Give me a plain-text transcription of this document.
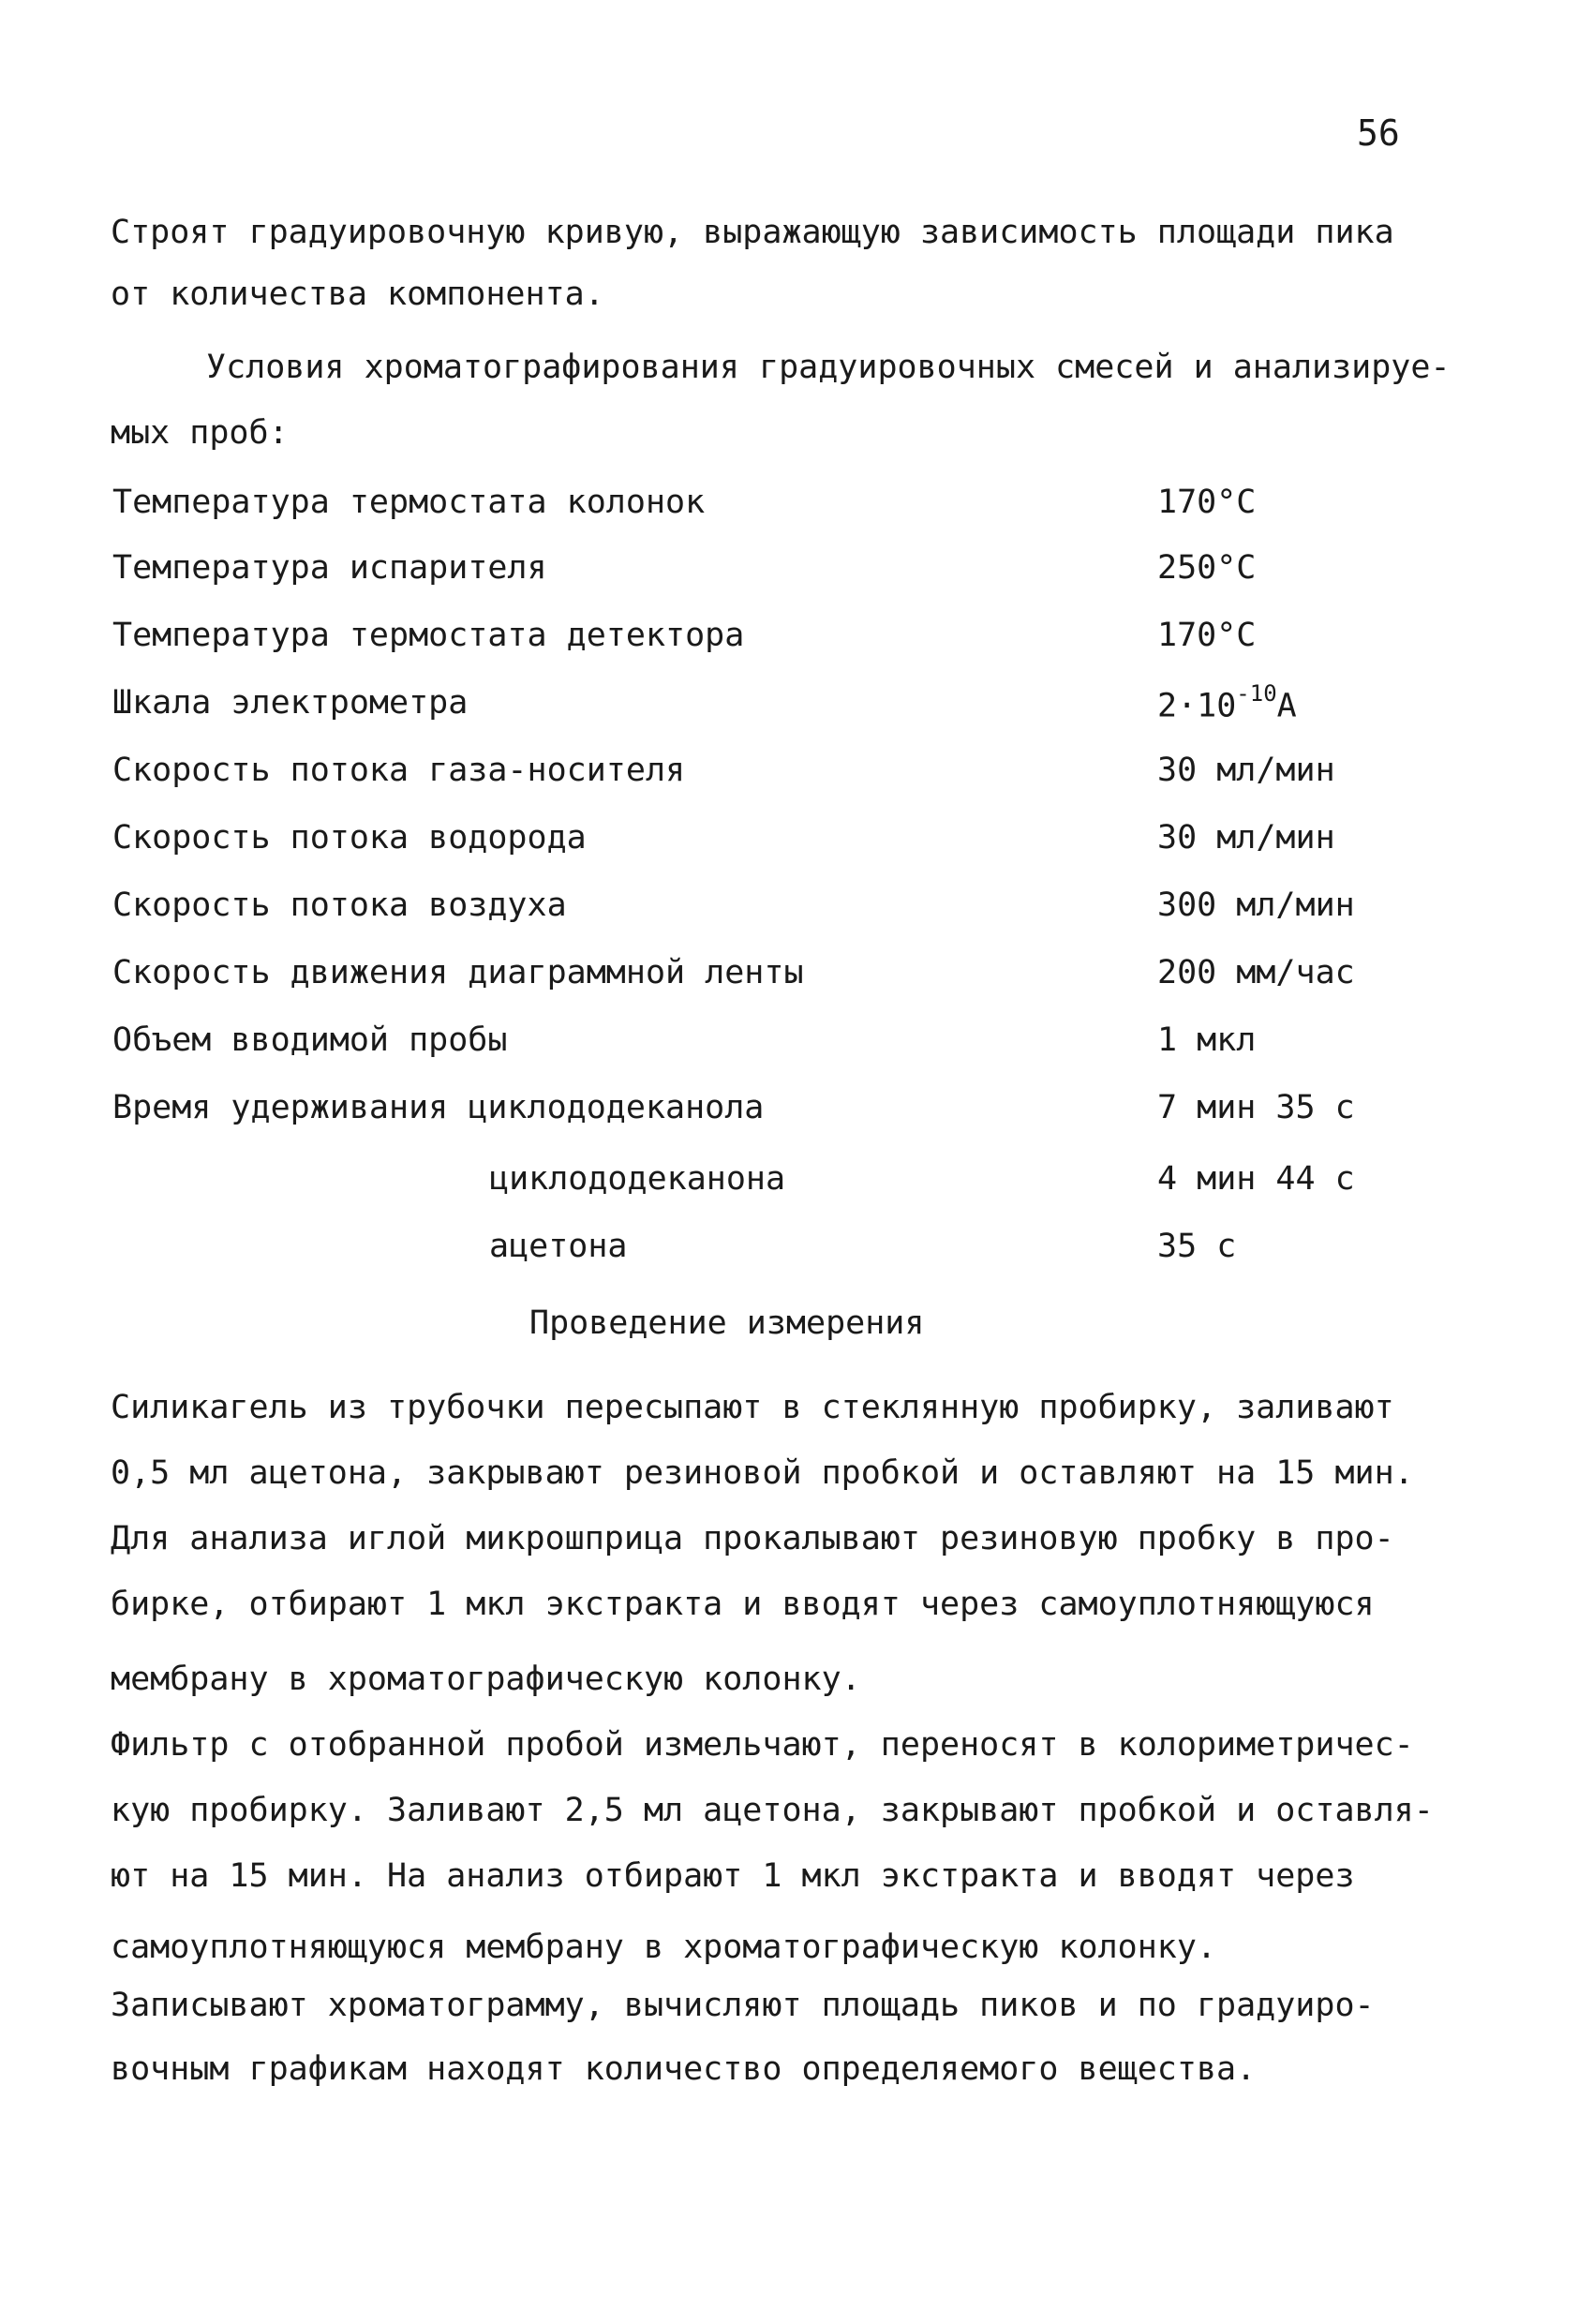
56
Строят градуировочную кривую, выражающую зависимость площади пика
от количества компонента.
Условия хроматографирования градуировочных смесей и анализируе-
мых проб:
Температура термостата колонок	170°С
Температура испарителя	250°С
Температура термостата детектора	170°С
Шкала электрометра	$2\cdot 10^{-10}А$
Скорость потока газа-носителя	30 мл/мин
Скорость потока водорода	30 мл/мин
Скорость потока воздуха	300 мл/мин
Скорость движения диаграммной ленты	200 мм/час
Объем вводимой пробы	1 мкл
Время удерживания циклододеканола	7 мин 35 с
циклододеканона	4 мин 44 с
ацетона	35 с
Проведение измерения
Силикагель из трубочки пересыпают в стеклянную пробирку, заливают
0,5 мл ацетона, закрывают резиновой пробкой и оставляют на 15 мин.
Для анализа иглой микрошприца прокалывают резиновую пробку в про-
бирке, отбирают 1 мкл экстракта и вводят через самоуплотняющуюся
мембрану в хроматографическую колонку.
Фильтр с отобранной пробой измельчают, переносят в колориметричес-
кую пробирку. Заливают 2,5 мл ацетона, закрывают пробкой и оставля-
ют на 15 мин. На анализ отбирают 1 мкл экстракта и вводят через
самоуплотняющуюся мембрану в хроматографическую колонку.
Записывают хроматограмму, вычисляют площадь пиков и по градуиро-
вочным графикам находят количество определяемого вещества.
